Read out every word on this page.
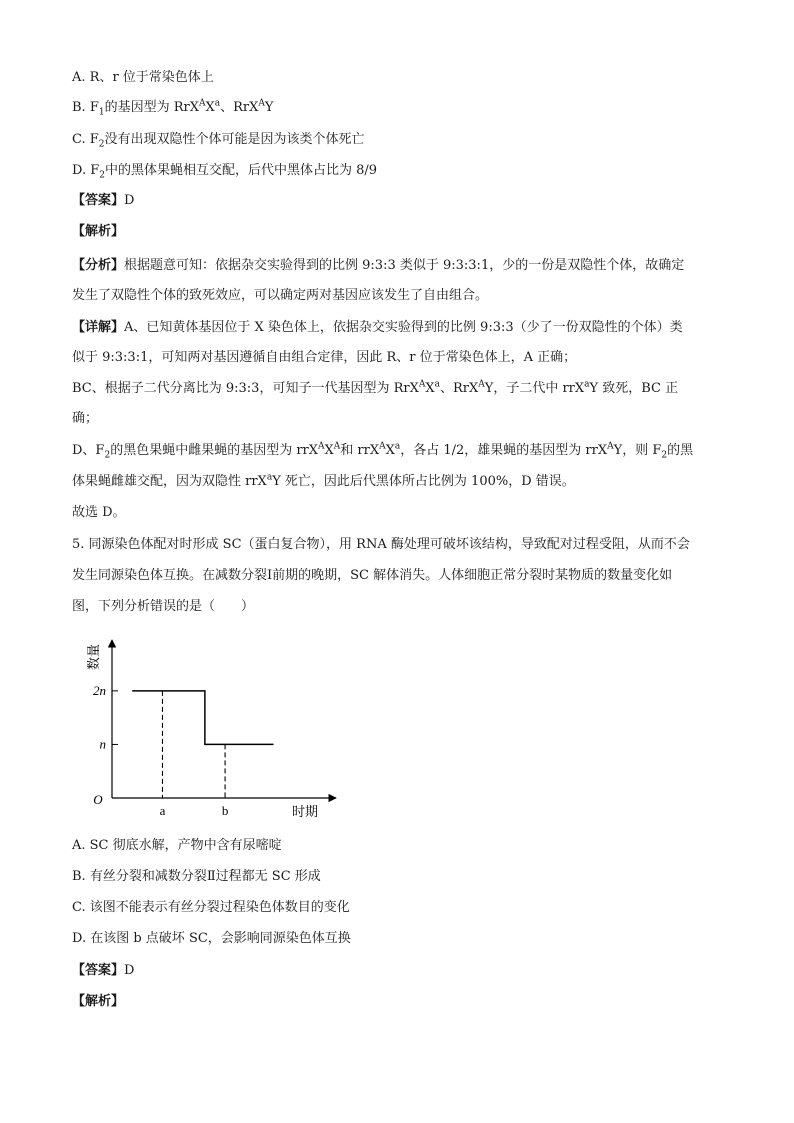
A. R、r 位于常染色体上
B. $F_1$的基因型为 $RrX^AX^a$、RrX$^A$Y
C. $F_2$没有出现双隐性个体可能是因为该类个体死亡
D. $F_2$中的黑体果蝇相互交配，后代中黑体占比为 8/9
【答案】D
【解析】
【分析】根据题意可知：依据杂交实验得到的比例 9:3:3 类似于 9:3:3:1，少的一份是双隐性个体，故确定
发生了双隐性个体的致死效应，可以确定两对基因应该发生了自由组合。
【详解】A、已知黄体基因位于 X 染色体上，依据杂交实验得到的比例 9:3:3（少了一份双隐性的个体）类
似于 9:3:3:1，可知两对基因遵循自由组合定律，因此 R、r 位于常染色体上，A 正确；
BC、根据子二代分离比为 9:3:3，可知子一代基因型为 $RrX^AX^a$、RrX$^A$Y，子二代中 rrX$^a$Y 致死，BC 正
确；
D、$F_2$的黑色果蝇中雌果蝇的基因型为 $rrX^AX^A$和 $rrX^AX^a$，各占 1/2，雄果蝇的基因型为 rrX$^A$Y，则 $F_2$的黑
体果蝇雌雄交配，因为双隐性 rrX$^a$Y 死亡，因此后代黑体所占比例为 100%，D 错误。
故选 D。
5. 同源染色体配对时形成 SC（蛋白复合物），用 RNA 酶处理可破坏该结构，导致配对过程受阻，从而不会
发生同源染色体互换。在减数分裂Ⅰ前期的晚期，SC 解体消失。人体细胞正常分裂时某物质的数量变化如
图，下列分析错误的是（　　）
O
时期
数量
2n
n
a	b
A. SC 彻底水解，产物中含有尿嘧啶
B. 有丝分裂和减数分裂Ⅱ过程都无 SC 形成
C. 该图不能表示有丝分裂过程染色体数目的变化
D. 在该图 b 点破坏 SC，会影响同源染色体互换
【答案】D
【解析】
